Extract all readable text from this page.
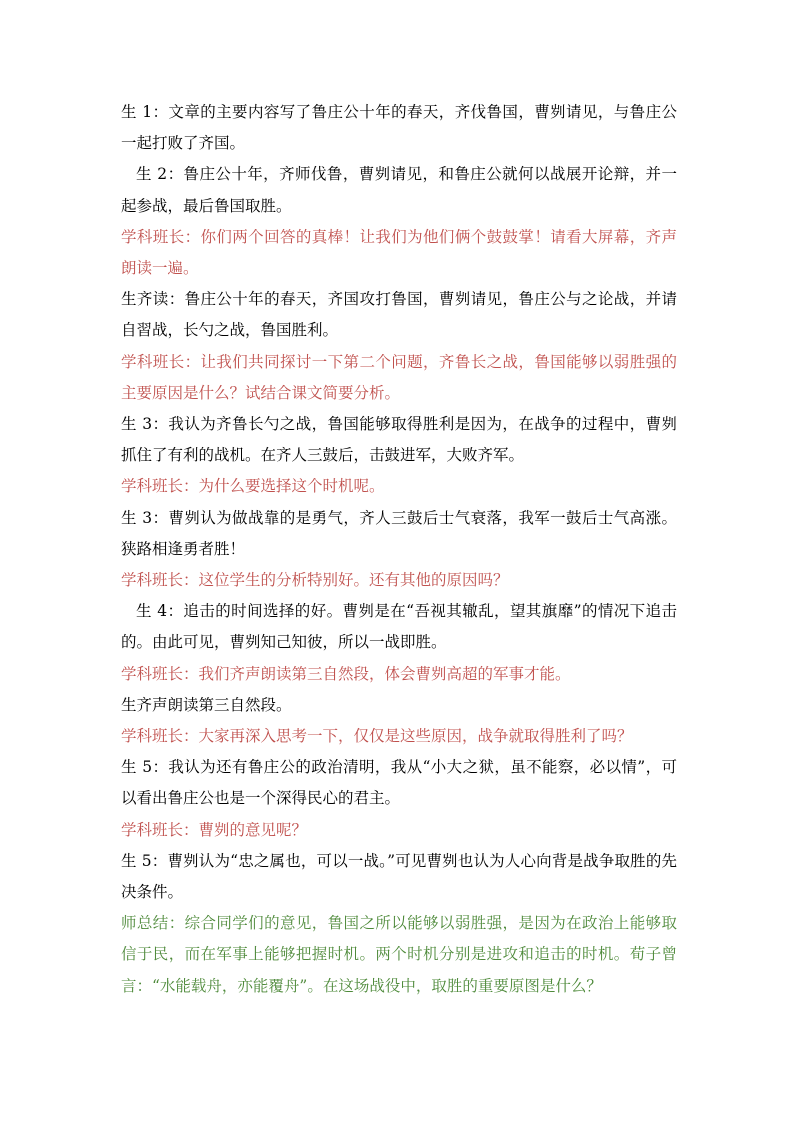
生 1：文章的主要内容写了鲁庄公十年的春天，齐伐鲁国，曹刿请见，与鲁庄公一起打败了齐国。

生 2：鲁庄公十年，齐师伐鲁，曹刿请见，和鲁庄公就何以战展开论辩，并一起参战，最后鲁国取胜。

学科班长：你们两个回答的真棒！让我们为他们俩个鼓鼓掌！请看大屏幕，齐声朗读一遍。

生齐读：鲁庄公十年的春天，齐国攻打鲁国，曹刿请见，鲁庄公与之论战，并请自習战，长勺之战，鲁国胜利。

学科班长：让我们共同探讨一下第二个问题，齐鲁长之战，鲁国能够以弱胜强的主要原因是什么？试结合课文简要分析。

生 3：我认为齐鲁长勺之战，鲁国能够取得胜利是因为，在战争的过程中，曹刿抓住了有利的战机。在齐人三鼓后，击鼓进军，大败齐军。

学科班长：为什么要选择这个时机呢。

生 3：曹刿认为做战靠的是勇气，齐人三鼓后士气衰落，我军一鼓后士气高涨。狭路相逢勇者胜！

学科班长：这位学生的分析特别好。还有其他的原因吗？

生 4：追击的时间选择的好。曹刿是在“吾视其辙乱，望其旗靡”的情况下追击的。由此可见，曹刿知己知彼，所以一战即胜。

学科班长：我们齐声朗读第三自然段，体会曹刿高超的军事才能。

生齐声朗读第三自然段。

学科班长：大家再深入思考一下，仅仅是这些原因，战争就取得胜利了吗？

生 5：我认为还有鲁庄公的政治清明，我从“小大之狱，虽不能察，必以情”，可以看出鲁庄公也是一个深得民心的君主。

学科班长：曹刿的意见呢？

生 5：曹刿认为“忠之属也，可以一战。”可见曹刿也认为人心向背是战争取胜的先决条件。

师总结：综合同学们的意见，鲁国之所以能够以弱胜强，是因为在政治上能够取信于民，而在军事上能够把握时机。两个时机分别是进攻和追击的时机。荀子曾言：“水能载舟，亦能覆舟”。在这场战役中，取胜的重要原图是什么？
